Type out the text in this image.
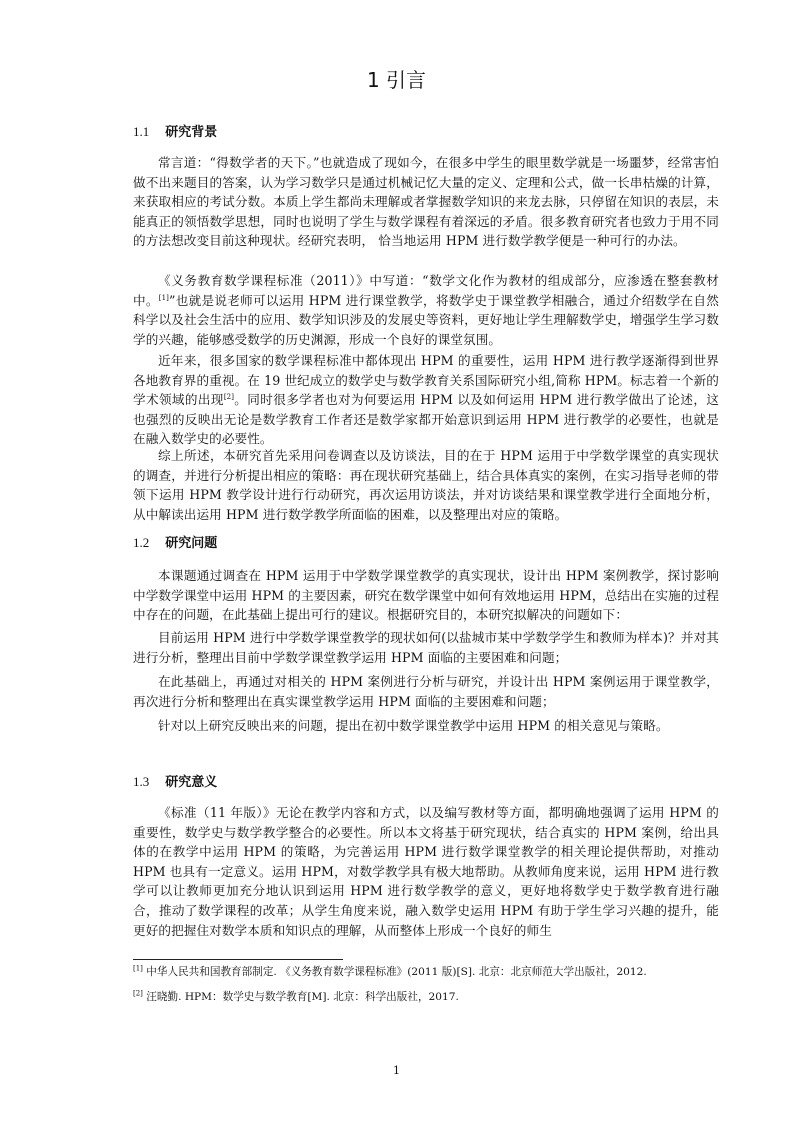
1 引言
1.1 研究背景

常言道：“得数学者的天下。”也就造成了现如今，在很多中学生的眼里数学就是一场噩梦，经常害怕做不出来题目的答案，认为学习数学只是通过机械记忆大量的定义、定理和公式，做一长串枯燥的计算，来获取相应的考试分数。本质上学生都尚未理解或者掌握数学知识的来龙去脉，只停留在知识的表层，未能真正的领悟数学思想，同时也说明了学生与数学课程有着深远的矛盾。很多教育研究者也致力于用不同的方法想改变目前这种现状。经研究表明， 恰当地运用 HPM 进行数学教学便是一种可行的办法。

《义务教育数学课程标准（2011）》中写道：“数学文化作为教材的组成部分，应渗透在整套教材中。[1]”也就是说老师可以运用 HPM 进行课堂教学，将数学史于课堂教学相融合，通过介绍数学在自然科学以及社会生活中的应用、数学知识涉及的发展史等资料，更好地让学生理解数学史，增强学生学习数学的兴趣，能够感受数学的历史渊源，形成一个良好的课堂氛围。

近年来，很多国家的数学课程标准中都体现出 HPM 的重要性，运用 HPM 进行教学逐渐得到世界各地教育界的重视。在 19 世纪成立的数学史与数学教育关系国际研究小组,简称 HPM。标志着一个新的学术领域的出现[2]。同时很多学者也对为何要运用 HPM 以及如何运用 HPM 进行教学做出了论述，这也强烈的反映出无论是数学教育工作者还是数学家都开始意识到运用 HPM 进行教学的必要性，也就是在融入数学史的必要性。

综上所述，本研究首先采用问卷调查以及访谈法，目的在于 HPM 运用于中学数学课堂的真实现状的调查，并进行分析提出相应的策略：再在现状研究基础上，结合具体真实的案例，在实习指导老师的带领下运用 HPM 教学设计进行行动研究，再次运用访谈法，并对访谈结果和课堂教学进行全面地分析，从中解读出运用 HPM 进行数学教学所面临的困难，以及整理出对应的策略。

1.2 研究问题

本课题通过调查在 HPM 运用于中学数学课堂教学的真实现状，设计出 HPM 案例教学，探讨影响中学数学课堂中运用 HPM 的主要因素，研究在数学课堂中如何有效地运用 HPM，总结出在实施的过程中存在的问题，在此基础上提出可行的建议。根据研究目的，本研究拟解决的问题如下：

目前运用 HPM 进行中学数学课堂教学的现状如何(以盐城市某中学数学学生和教师为样本)？并对其进行分析，整理出目前中学数学课堂教学运用 HPM 面临的主要困难和问题；

在此基础上，再通过对相关的 HPM 案例进行分析与研究，并设计出 HPM 案例运用于课堂教学，再次进行分析和整理出在真实课堂教学运用 HPM 面临的主要困难和问题；

针对以上研究反映出来的问题，提出在初中数学课堂教学中运用 HPM 的相关意见与策略。

1.3 研究意义

《标准（11 年版）》无论在教学内容和方式，以及编写教材等方面，都明确地强调了运用 HPM 的重要性，数学史与数学教学整合的必要性。所以本文将基于研究现状，结合真实的 HPM 案例，给出具体的在教学中运用 HPM 的策略，为完善运用 HPM 进行数学课堂教学的相关理论提供帮助，对推动 HPM 也具有一定意义。运用 HPM，对数学教学具有极大地帮助。从教师角度来说，运用 HPM 进行教学可以让教师更加充分地认识到运用 HPM 进行数学教学的意义，更好地将数学史于数学教育进行融合，推动了数学课程的改革；从学生角度来说，融入数学史运用 HPM 有助于学生学习兴趣的提升，能更好的把握住对数学本质和知识点的理解，从而整体上形成一个良好的师生

[1] 中华人民共和国教育部制定. 《义务教育数学课程标准》(2011 版)[S]. 北京：北京师范大学出版社，2012.

[2] 汪晓勤. HPM：数学史与数学教育[M]. 北京：科学出版社，2017.

1
